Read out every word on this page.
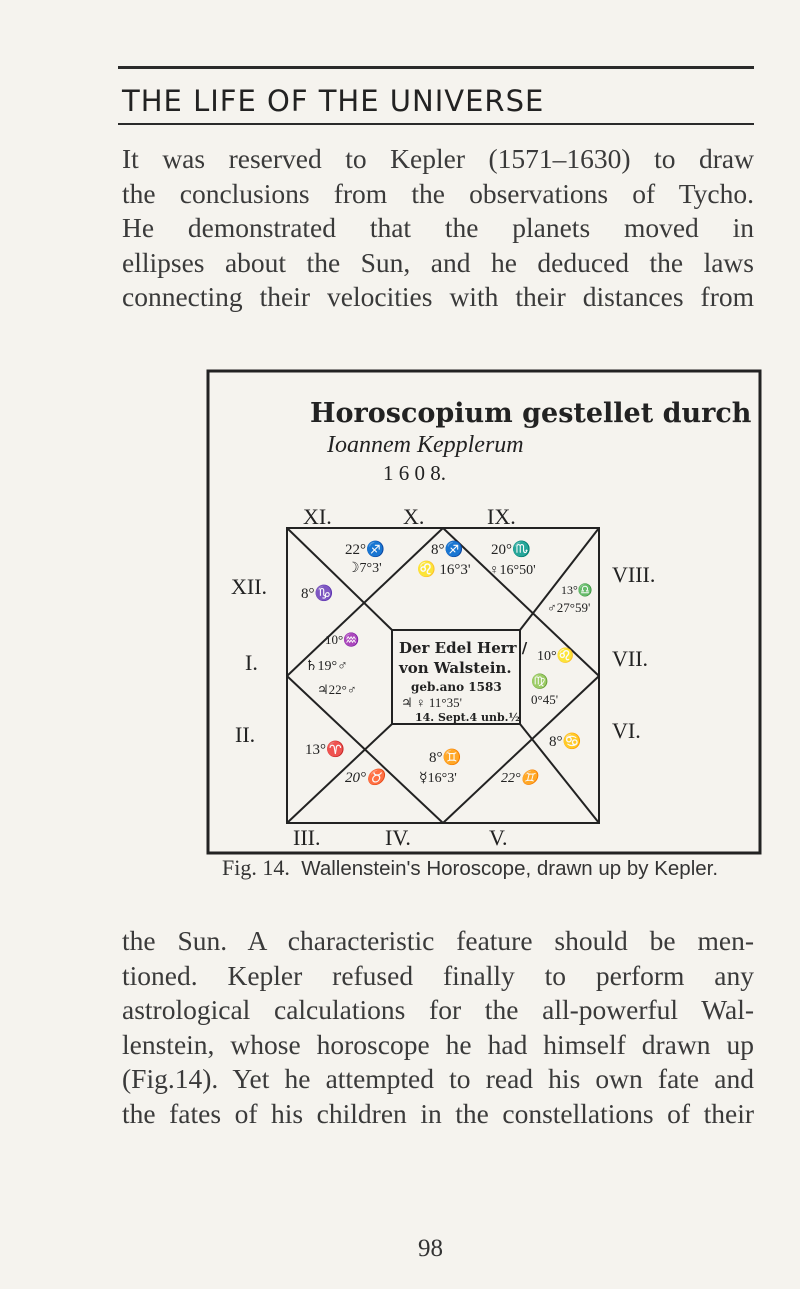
THE LIFE OF THE UNIVERSE

It was reserved to Kepler (1571–1630) to draw

the conclusions from the observations of Tycho.

He demonstrated that the planets moved in

ellipses about the Sun, and he deduced the laws

connecting their velocities with their distances from

Horoscopium gestellet durch
Ioannem Kepplerum
1 6 0 8.
XI.	X.	IX.
XII.
I.
II.
VIII.
VII.
VI.
III.	IV.	V.
Der Edel Herr /
von Walstein.
geb.ano 1583
♃ ♀ 11°35'
14. Sept.4 unb.½
22°♐
☽7°3'
8°♐
♌ 16°3'
20°♏
♀16°50'
13°♎
♂27°59'
8°♑
10°♒
♄19°♂
♃22°♂
10°♌
♍
0°45'
13°♈	8°♋
8°♊
☿16°3'
20°♉	22°♊
Fig. 14. Wallenstein's Horoscope, drawn up by Kepler.

the Sun. A characteristic feature should be men-

tioned. Kepler refused finally to perform any

astrological calculations for the all-powerful Wal-

lenstein, whose horoscope he had himself drawn up

(Fig.14). Yet he attempted to read his own fate and

the fates of his children in the constellations of their

98
